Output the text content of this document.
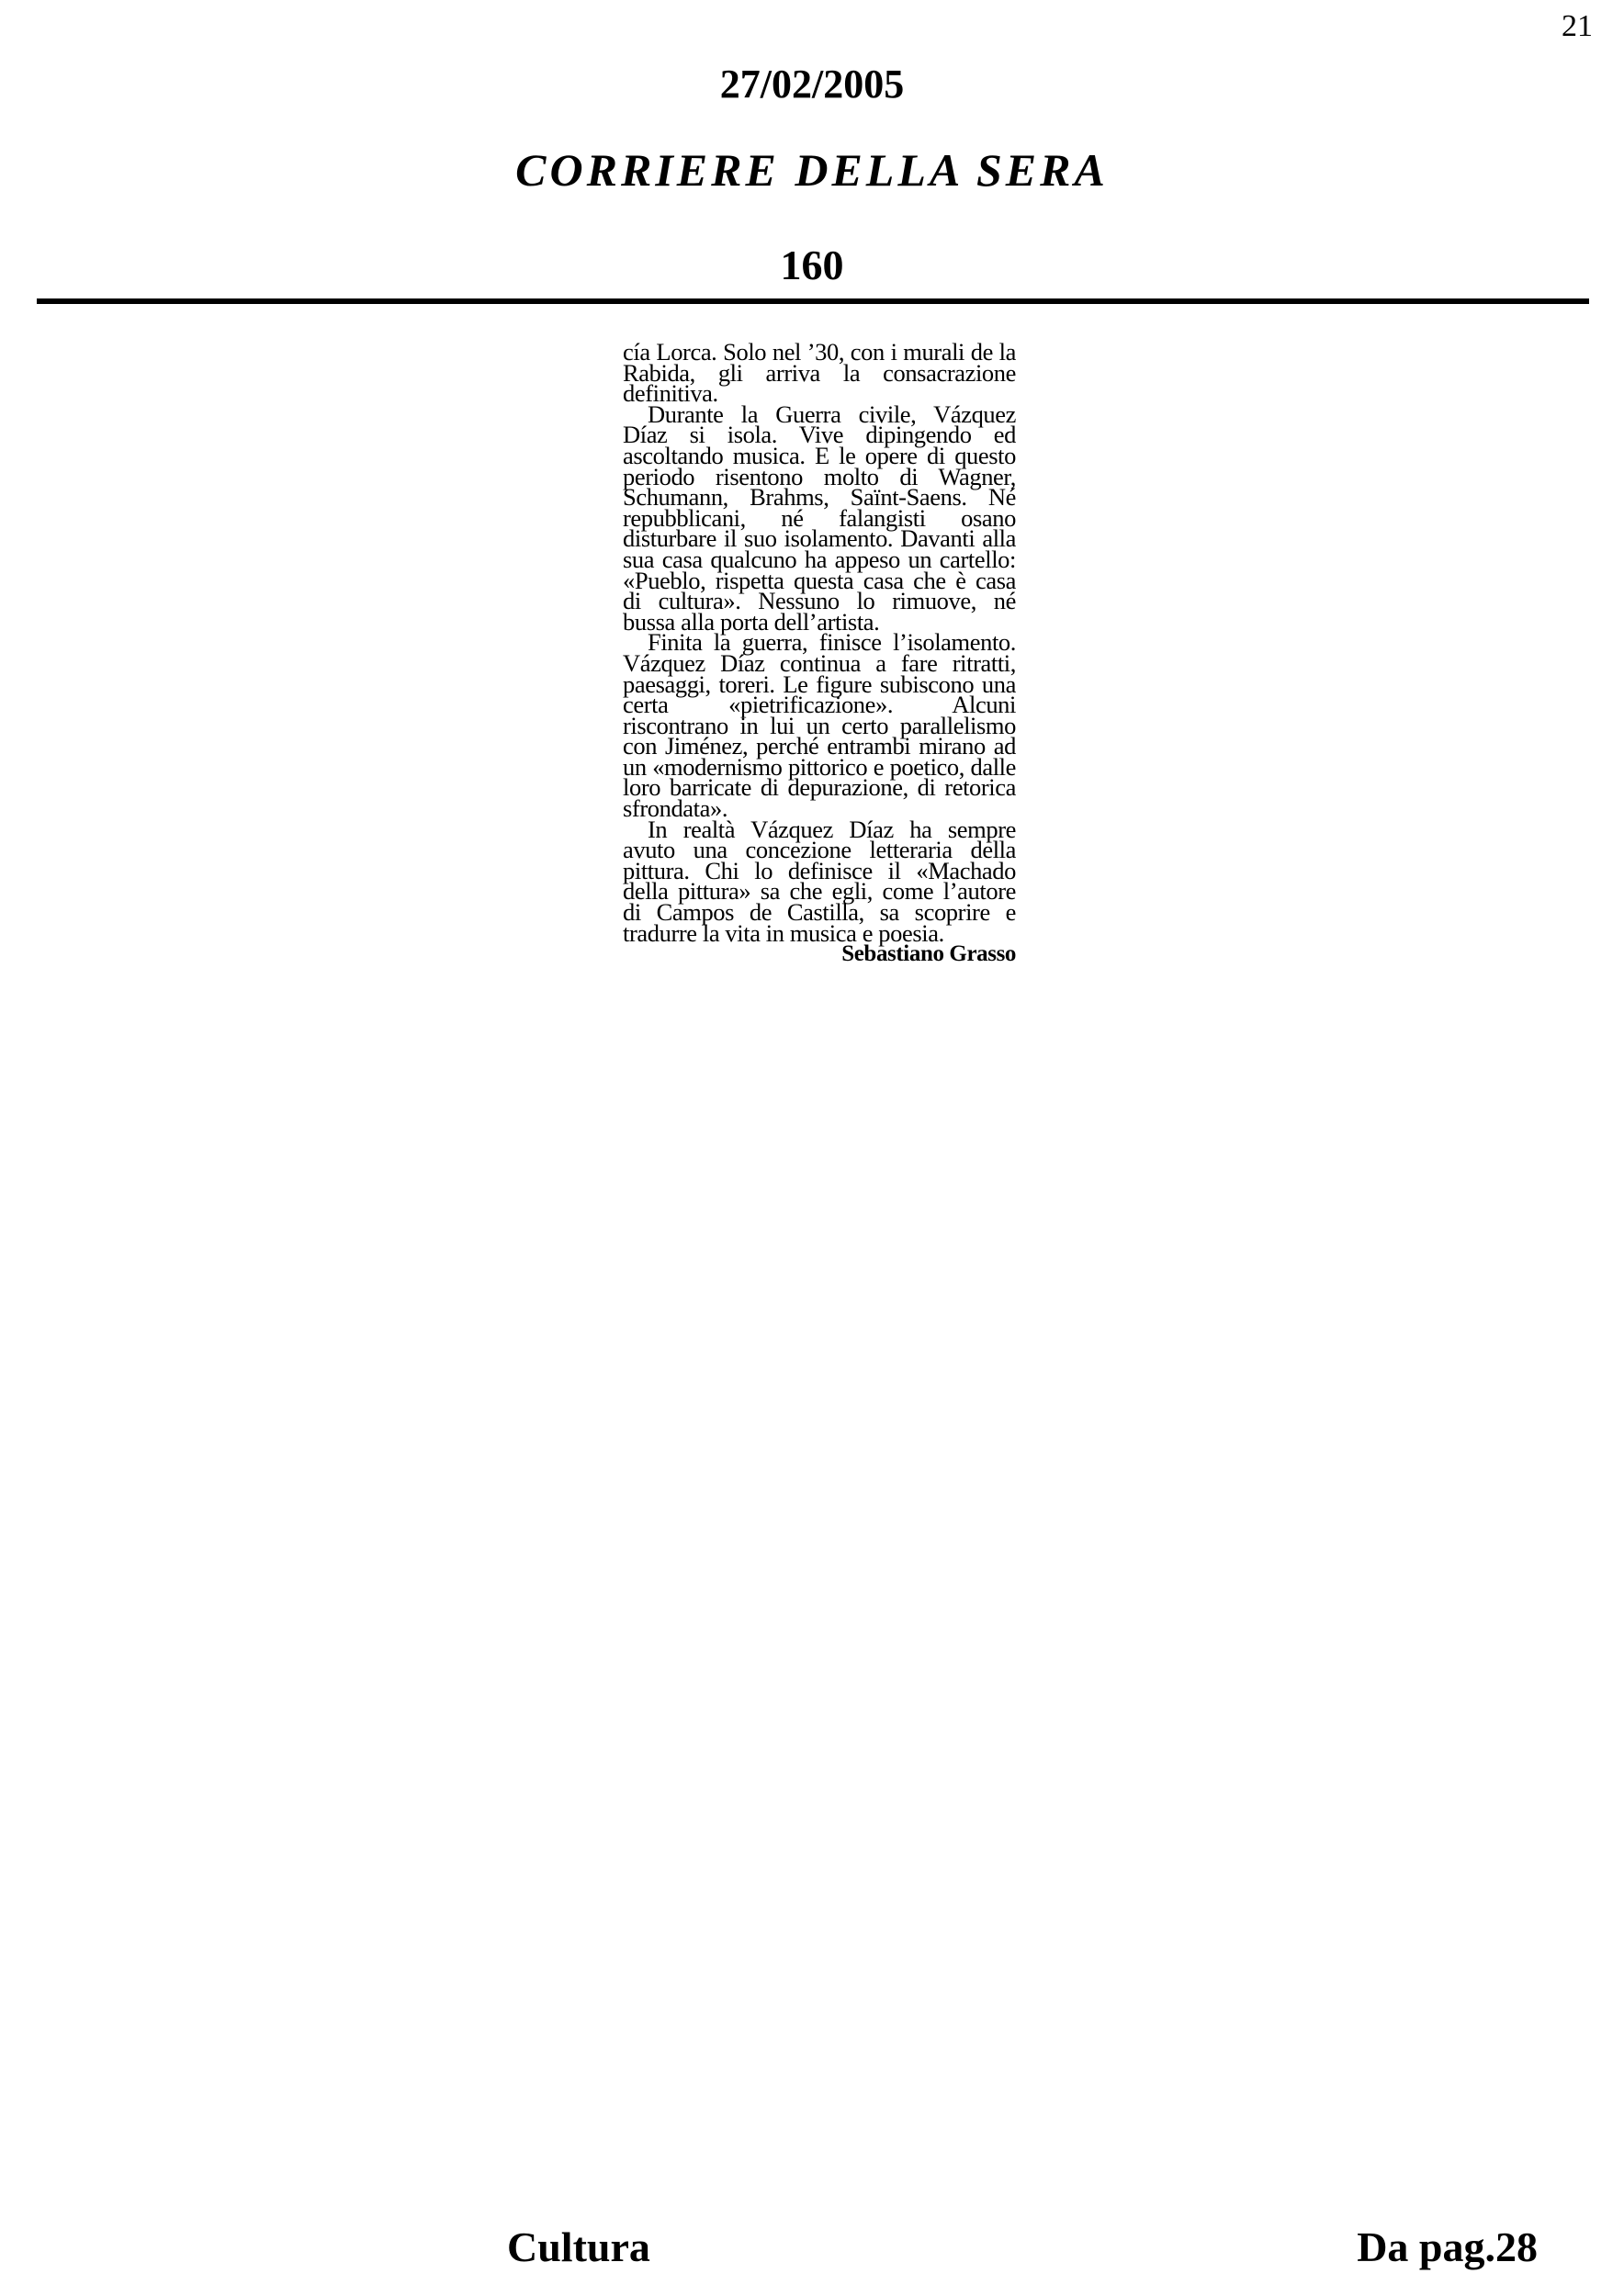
21
27/02/2005
CORRIERE DELLA SERA
160

cía Lorca. Solo nel ’30, con i murali de la Rabida, gli arriva la consacrazione definitiva.

Durante la Guerra civile, Vázquez Díaz si isola. Vive dipingendo ed ascoltando musica. E le opere di questo periodo risentono molto di Wagner, Schumann, Brahms, Saïnt-Saens. Né repubblicani, né falangisti osano disturbare il suo isolamento. Davanti alla sua casa qualcuno ha appeso un cartello: «Pueblo, rispetta questa casa che è casa di cultura». Nessuno lo rimuove, né bussa alla porta dell’artista.

Finita la guerra, finisce l’isolamento. Vázquez Díaz continua a fare ritratti, paesaggi, toreri. Le figure subiscono una certa «pietrificazione». Alcuni riscontrano in lui un certo parallelismo con Jiménez, perché entrambi mirano ad un «modernismo pittorico e poetico, dalle loro barricate di depurazione, di retorica sfrondata».

In realtà Vázquez Díaz ha sempre avuto una concezione letteraria della pittura. Chi lo definisce il «Machado della pittura» sa che egli, come l’autore di Campos de Castilla, sa scoprire e tradurre la vita in musica e poesia.

Sebastiano Grasso
Cultura	Da pag.28
